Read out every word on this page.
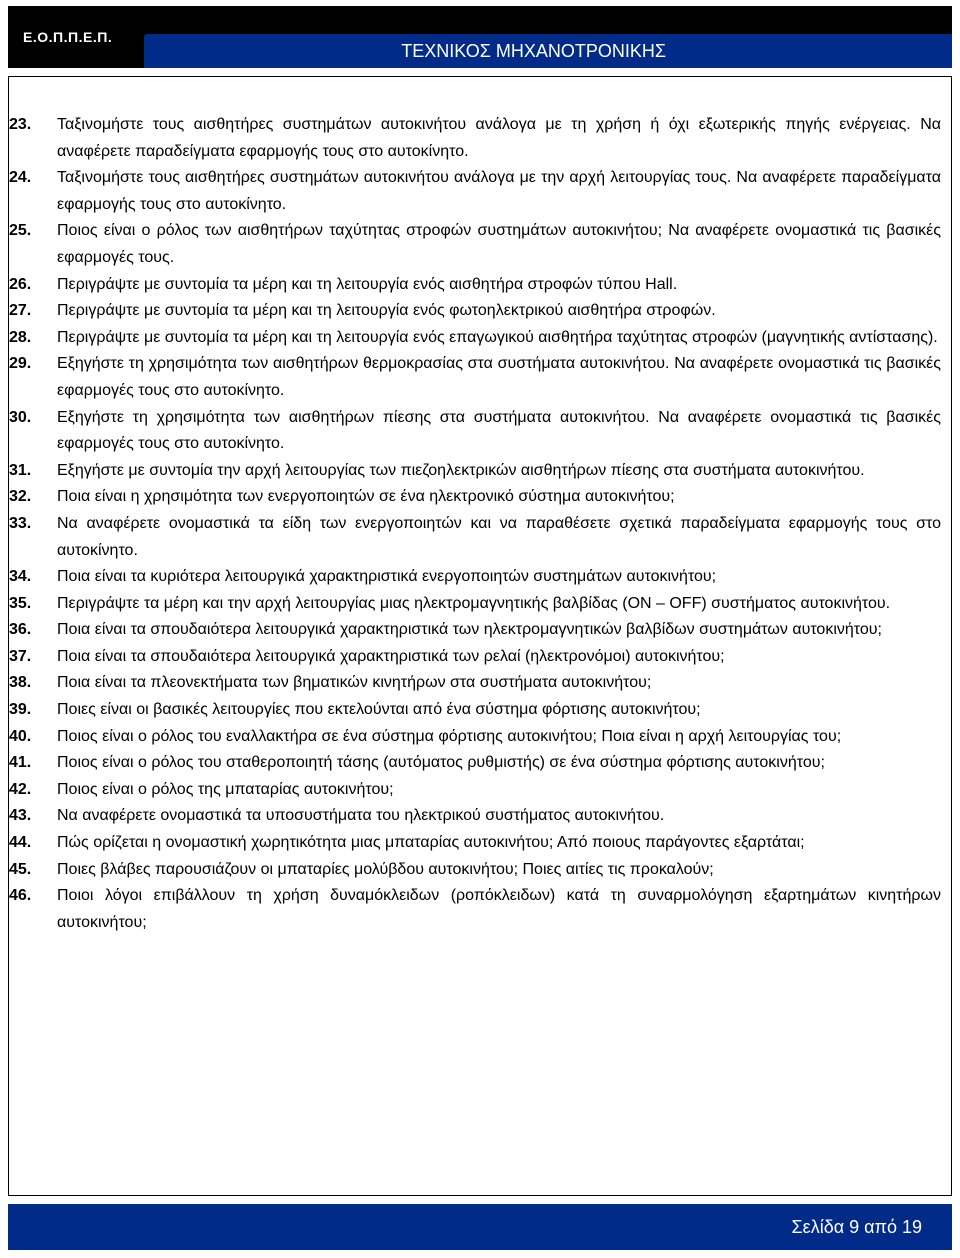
Ε.Ο.Π.Π.Ε.Π.
ΤΕΧΝΙΚΟΣ ΜΗΧΑΝΟΤΡΟΝΙΚΗΣ
23.	Ταξινομήστε τους αισθητήρες συστημάτων αυτοκινήτου ανάλογα με τη χρήση ή όχι εξωτερικής πηγής ενέργειας. Να αναφέρετε παραδείγματα εφαρμογής τους στο αυτοκίνητο.
24.	Ταξινομήστε τους αισθητήρες συστημάτων αυτοκινήτου ανάλογα με την αρχή λειτουργίας τους. Να αναφέρετε παραδείγματα εφαρμογής τους στο αυτοκίνητο.
25.	Ποιος είναι ο ρόλος των αισθητήρων ταχύτητας στροφών συστημάτων αυτοκινήτου; Να αναφέρετε ονομαστικά τις βασικές εφαρμογές τους.
26.	Περιγράψτε με συντομία τα μέρη και τη λειτουργία ενός αισθητήρα στροφών τύπου Hall.
27.	Περιγράψτε με συντομία τα μέρη και τη λειτουργία ενός φωτοηλεκτρικού αισθητήρα στροφών.
28.	Περιγράψτε με συντομία τα μέρη και τη λειτουργία ενός επαγωγικού αισθητήρα ταχύτητας στροφών (μαγνητικής αντίστασης).
29.	Εξηγήστε τη χρησιμότητα των αισθητήρων θερμοκρασίας στα συστήματα αυτοκινήτου. Να αναφέρετε ονομαστικά τις βασικές εφαρμογές τους στο αυτοκίνητο.
30.	Εξηγήστε τη χρησιμότητα των αισθητήρων πίεσης στα συστήματα αυτοκινήτου. Να αναφέρετε ονομαστικά τις βασικές εφαρμογές τους στο αυτοκίνητο.
31.	Εξηγήστε με συντομία την αρχή λειτουργίας των πιεζοηλεκτρικών αισθητήρων πίεσης στα συστήματα αυτοκινήτου.
32.	Ποια είναι η χρησιμότητα των ενεργοποιητών σε ένα ηλεκτρονικό σύστημα αυτοκινήτου;
33.	Να αναφέρετε ονομαστικά τα είδη των ενεργοποιητών και να παραθέσετε σχετικά παραδείγματα εφαρμογής τους στο αυτοκίνητο.
34.	Ποια είναι τα κυριότερα λειτουργικά χαρακτηριστικά ενεργοποιητών συστημάτων αυτοκινήτου;
35.	Περιγράψτε τα μέρη και την αρχή λειτουργίας μιας ηλεκτρομαγνητικής βαλβίδας (ON – OFF) συστήματος αυτοκινήτου.
36.	Ποια είναι τα σπουδαιότερα λειτουργικά χαρακτηριστικά των ηλεκτρομαγνητικών βαλβίδων συστημάτων αυτοκινήτου;
37.	Ποια είναι τα σπουδαιότερα λειτουργικά χαρακτηριστικά των ρελαί (ηλεκτρονόμοι) αυτοκινήτου;
38.	Ποια είναι τα πλεονεκτήματα των βηματικών κινητήρων στα συστήματα αυτοκινήτου;
39.	Ποιες είναι οι βασικές λειτουργίες που εκτελούνται από ένα σύστημα φόρτισης αυτοκινήτου;
40.	Ποιος είναι ο ρόλος του εναλλακτήρα σε ένα σύστημα φόρτισης αυτοκινήτου; Ποια είναι η αρχή λειτουργίας του;
41.	Ποιος είναι ο ρόλος του σταθεροποιητή τάσης (αυτόματος ρυθμιστής) σε ένα σύστημα φόρτισης αυτοκινήτου;
42.	Ποιος είναι ο ρόλος της μπαταρίας αυτοκινήτου;
43.	Να αναφέρετε ονομαστικά τα υποσυστήματα του ηλεκτρικού συστήματος αυτοκινήτου.
44.	Πώς ορίζεται η ονομαστική χωρητικότητα μιας μπαταρίας αυτοκινήτου; Από ποιους παράγοντες εξαρτάται;
45.	Ποιες βλάβες παρουσιάζουν οι μπαταρίες μολύβδου αυτοκινήτου; Ποιες αιτίες τις προκαλούν;
46.	Ποιοι λόγοι επιβάλλουν τη χρήση δυναμόκλειδων (ροπόκλειδων) κατά τη συναρμολόγηση εξαρτημάτων κινητήρων αυτοκινήτου;
Σελίδα 9 από 19
